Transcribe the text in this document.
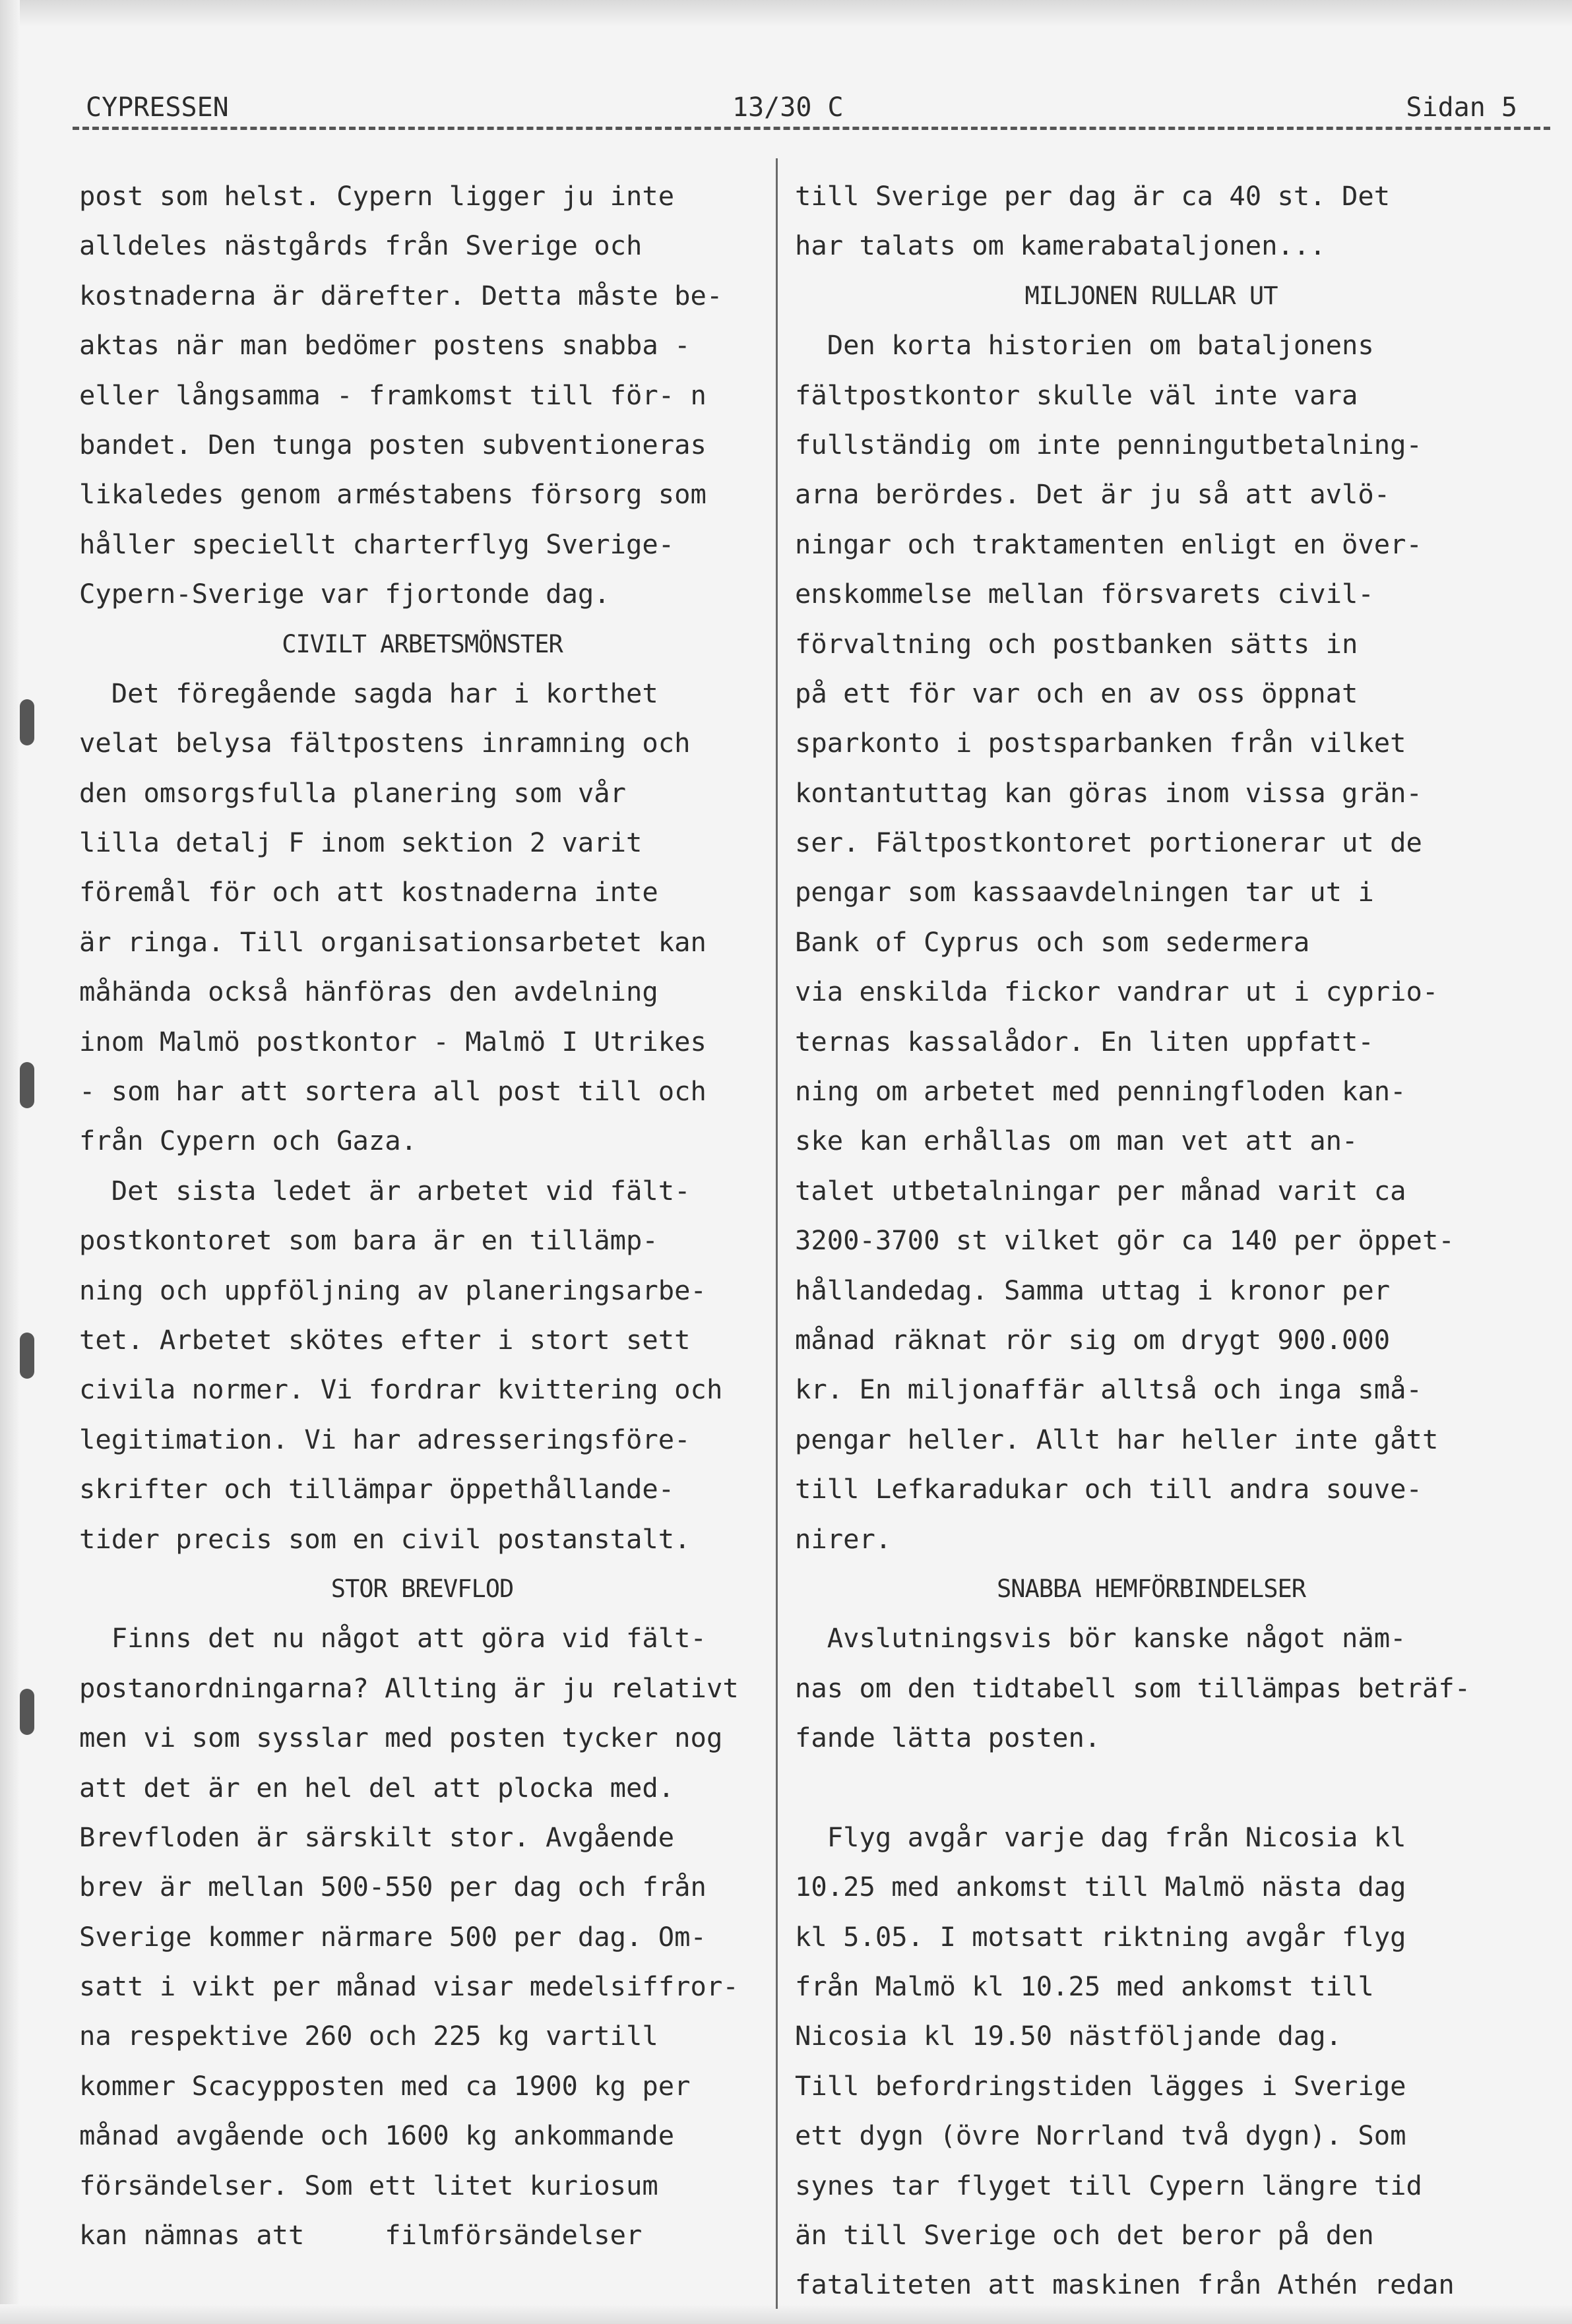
CYPRESSEN	13/30 C	Sidan 5
post som helst. Cypern ligger ju inte
alldeles nästgårds från Sverige och
kostnaderna är därefter. Detta måste be-
aktas när man bedömer postens snabba -
eller långsamma - framkomst till för- n
bandet. Den tunga posten subventioneras
likaledes genom arméstabens försorg som
håller speciellt charterflyg Sverige-
Cypern-Sverige var fjortonde dag.
CIVILT ARBETSMÖNSTER
Det föregående sagda har i korthet
velat belysa fältpostens inramning och
den omsorgsfulla planering som vår
lilla detalj F inom sektion 2 varit
föremål för och att kostnaderna inte
är ringa. Till organisationsarbetet kan
måhända också hänföras den avdelning
inom Malmö postkontor - Malmö I Utrikes
- som har att sortera all post till och
från Cypern och Gaza.
Det sista ledet är arbetet vid fält-
postkontoret som bara är en tillämp-
ning och uppföljning av planeringsarbe-
tet. Arbetet skötes efter i stort sett
civila normer. Vi fordrar kvittering och
legitimation. Vi har adresseringsföre-
skrifter och tillämpar öppethållande-
tider precis som en civil postanstalt.
STOR BREVFLOD
Finns det nu något att göra vid fält-
postanordningarna? Allting är ju relativt
men vi som sysslar med posten tycker nog
att det är en hel del att plocka med.
Brevfloden är särskilt stor. Avgående
brev är mellan 500-550 per dag och från
Sverige kommer närmare 500 per dag. Om-
satt i vikt per månad visar medelsiffror-
na respektive 260 och 225 kg vartill
kommer Scacypposten med ca 1900 kg per
månad avgående och 1600 kg ankommande
försändelser. Som ett litet kuriosum
kan nämnas att     filmförsändelser
till Sverige per dag är ca 40 st. Det
har talats om kamerabataljonen...
MILJONEN RULLAR UT
Den korta historien om bataljonens
fältpostkontor skulle väl inte vara
fullständig om inte penningutbetalning-
arna berördes. Det är ju så att avlö-
ningar och traktamenten enligt en över-
enskommelse mellan försvarets civil-
förvaltning och postbanken sätts in
på ett för var och en av oss öppnat
sparkonto i postsparbanken från vilket
kontantuttag kan göras inom vissa grän-
ser. Fältpostkontoret portionerar ut de
pengar som kassaavdelningen tar ut i
Bank of Cyprus och som sedermera
via enskilda fickor vandrar ut i cyprio-
ternas kassalådor. En liten uppfatt-
ning om arbetet med penningfloden kan-
ske kan erhållas om man vet att an-
talet utbetalningar per månad varit ca
3200-3700 st vilket gör ca 140 per öppet-
hållandedag. Samma uttag i kronor per
månad räknat rör sig om drygt 900.000
kr. En miljonaffär alltså och inga små-
pengar heller. Allt har heller inte gått
till Lefkaradukar och till andra souve-
nirer.
SNABBA HEMFÖRBINDELSER
Avslutningsvis bör kanske något näm-
nas om den tidtabell som tillämpas beträf-
fande lätta posten.
Flyg avgår varje dag från Nicosia kl
10.25 med ankomst till Malmö nästa dag
kl 5.05. I motsatt riktning avgår flyg
från Malmö kl 10.25 med ankomst till
Nicosia kl 19.50 nästföljande dag.
Till befordringstiden lägges i Sverige
ett dygn (övre Norrland två dygn). Som
synes tar flyget till Cypern längre tid
än till Sverige och det beror på den
fataliteten att maskinen från Athén redan
